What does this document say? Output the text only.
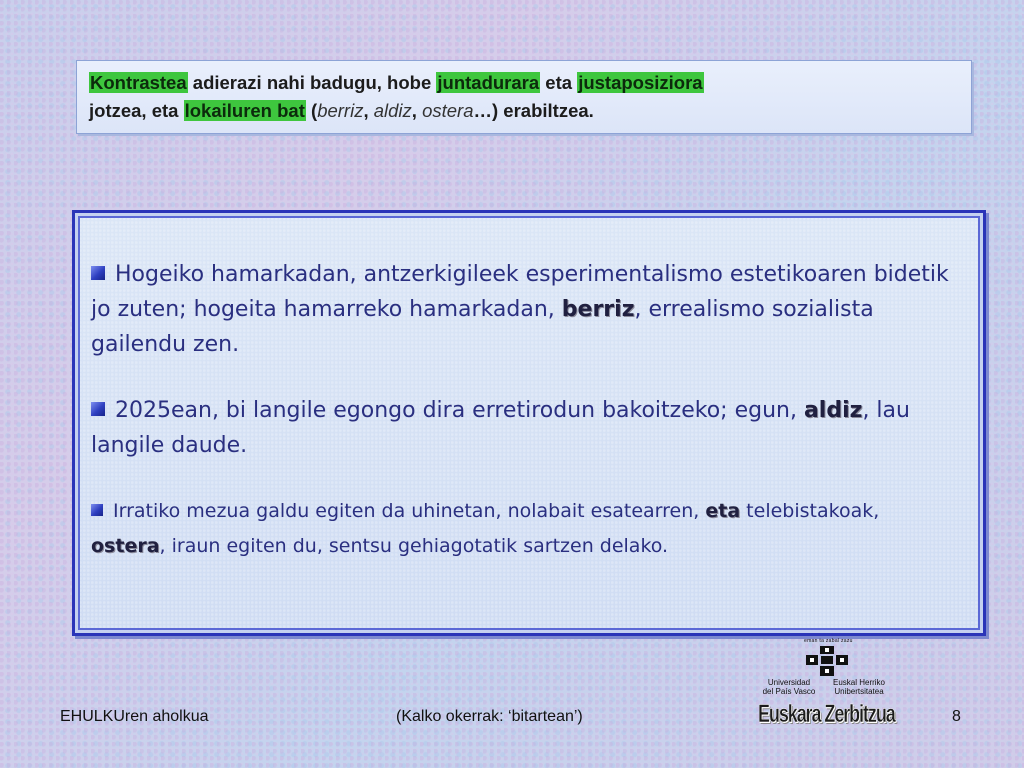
Kontrastea adierazi nahi badugu, hobe juntadurara eta justaposiziora
jotzea, eta lokailuren bat (berriz, aldiz, ostera…) erabiltzea.

Hogeiko hamarkadan, antzerkigileek esperimentalismo estetikoaren bidetik jo zuten; hogeita hamarreko hamarkadan, berriz, errealismo sozialista gailendu zen.

2025ean, bi langile egongo dira erretirodun bakoitzeko; egun, aldiz, lau langile daude.

Irratiko mezua galdu egiten da uhinetan, nolabait esatearren, eta telebistakoak, ostera, iraun egiten du, sentsu gehiagotatik sartzen delako.

eman ta zabal zazu
Universidad
del País Vasco
Euskal Herriko
Unibertsitatea
EHULKUren aholkua	(Kalko okerrak: ‘bitartean’)	Euskara Zerbitzua	8
